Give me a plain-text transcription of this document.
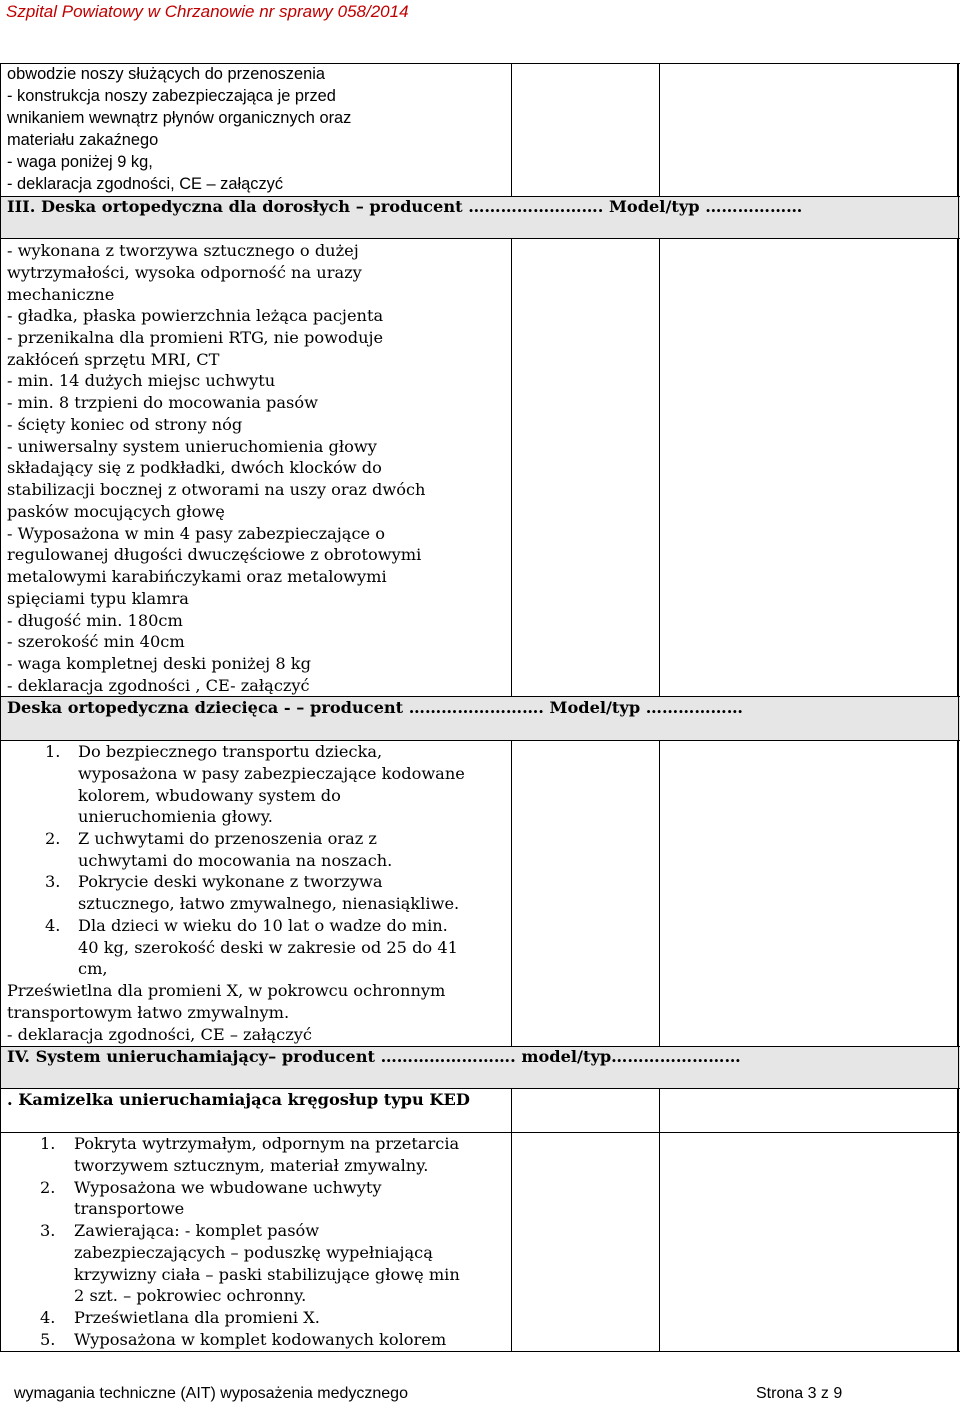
Szpital Powiatowy w Chrzanowie nr sprawy 058/2014
obwodzie noszy służących do przenoszenia
- konstrukcja noszy zabezpieczająca je przed
wnikaniem wewnątrz płynów organicznych oraz
materiału zakaźnego
- waga poniżej 9 kg,
- deklaracja zgodności, CE – załączyć
III. Deska ortopedyczna dla dorosłych – producent ……………………. Model/typ ………………
- wykonana z tworzywa sztucznego o dużej
wytrzymałości, wysoka odporność na urazy
mechaniczne
- gładka, płaska powierzchnia leżąca pacjenta
- przenikalna dla promieni RTG, nie powoduje
zakłóceń sprzętu MRI, CT
- min. 14 dużych miejsc uchwytu
- min. 8 trzpieni do mocowania pasów
- ścięty koniec od strony nóg
- uniwersalny system unieruchomienia głowy
składający się z podkładki, dwóch klocków do
stabilizacji bocznej z otworami na uszy oraz dwóch
pasków mocujących głowę
- Wyposażona w min 4 pasy zabezpieczające o
regulowanej długości dwuczęściowe z obrotowymi
metalowymi karabińczykami oraz metalowymi
spięciami typu klamra
- długość min. 180cm
- szerokość min 40cm
- waga kompletnej deski poniżej 8 kg
- deklaracja zgodności , CE- załączyć
Deska ortopedyczna dziecięca - – producent ……………………. Model/typ ………………
1. Do bezpiecznego transportu dziecka,
wyposażona w pasy zabezpieczające kodowane
kolorem, wbudowany system do
unieruchomienia głowy.
2. Z uchwytami do przenoszenia oraz z
uchwytami do mocowania na noszach.
3. Pokrycie deski wykonane z tworzywa
sztucznego, łatwo zmywalnego, nienasiąkliwe.
4. Dla dzieci w wieku do 10 lat o wadze do min.
40 kg, szerokość deski w zakresie od 25 do 41
cm,
Prześwietlna dla promieni X, w pokrowcu ochronnym
transportowym łatwo zmywalnym.
- deklaracja zgodności, CE – załączyć
IV. System unieruchamiający– producent ……………………. model/typ……………………
. Kamizelka unieruchamiająca kręgosłup typu KED
1. Pokryta wytrzymałym, odpornym na przetarcia
tworzywem sztucznym, materiał zmywalny.
2. Wyposażona we wbudowane uchwyty
transportowe
3. Zawierająca: - komplet pasów
zabezpieczających – poduszkę wypełniającą
krzywizny ciała – paski stabilizujące głowę min
2 szt. – pokrowiec ochronny.
4. Prześwietlana dla promieni X.
5. Wyposażona w komplet kodowanych kolorem
wymagania techniczne (AIT) wyposażenia medycznego	Strona 3 z 9
